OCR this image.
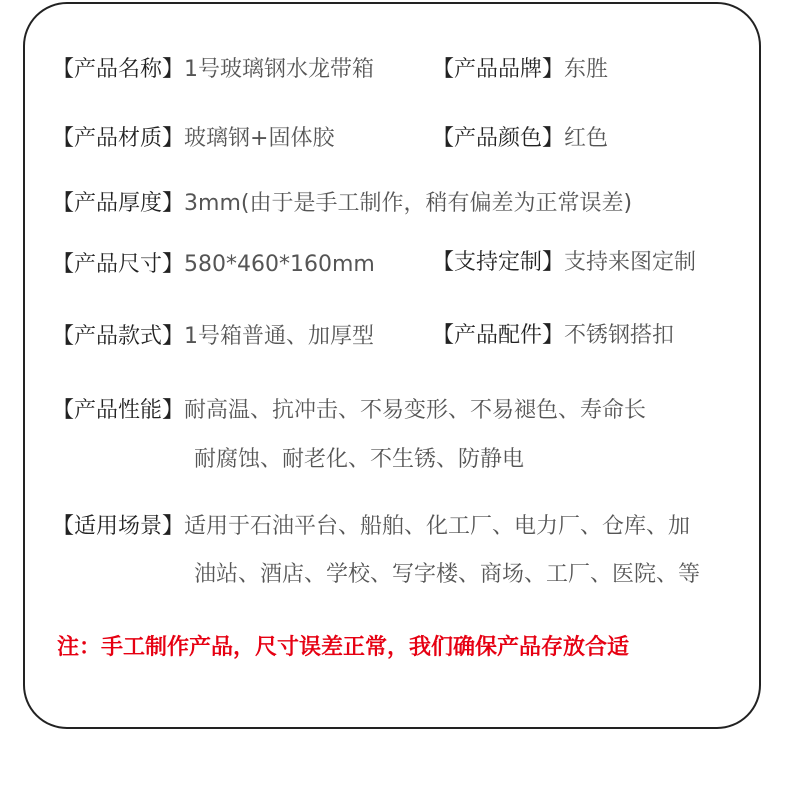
【产品名称】1号玻璃钢水龙带箱	【产品品牌】东胜
【产品材质】玻璃钢+固体胶	【产品颜色】红色
【产品厚度】3mm(由于是手工制作，稍有偏差为正常误差)
【产品尺寸】580*460*160mm	【支持定制】支持来图定制
【产品款式】1号箱普通、加厚型	【产品配件】不锈钢搭扣
【产品性能】耐高温、抗冲击、不易变形、不易褪色、寿命长
耐腐蚀、耐老化、不生锈、防静电
【适用场景】适用于石油平台、船舶、化工厂、电力厂、仓库、加
油站、酒店、学校、写字楼、商场、工厂、医院、等
注：手工制作产品，尺寸误差正常，我们确保产品存放合适
